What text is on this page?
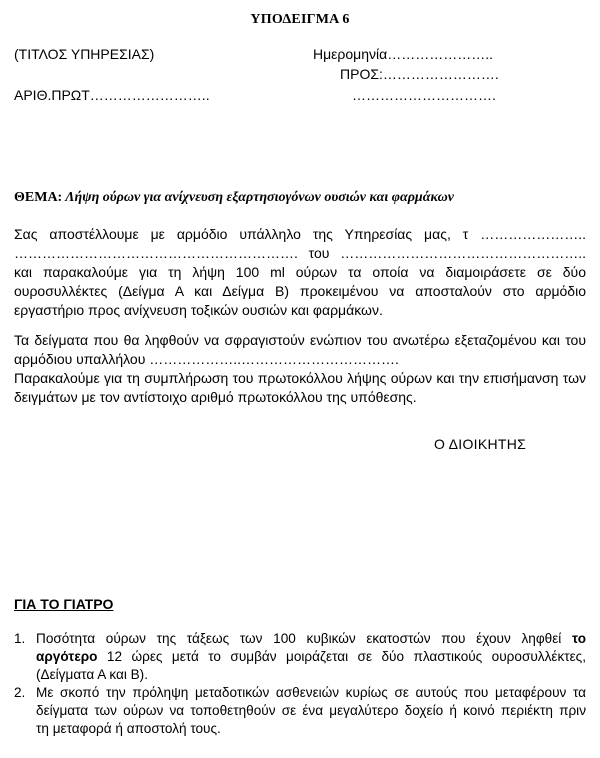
ΥΠΟΔΕΙΓΜΑ 6
(ΤΙΤΛΟΣ ΥΠΗΡΕΣΙΑΣ)	Ημερομηνία…………………..
ΠΡΟΣ:…………………….
ΑΡΙΘ.ΠΡΩΤ……………………..	………………………….
ΘΕΜΑ: Λήψη ούρων για ανίχνευση εξαρτησιογόνων ουσιών και φαρμάκων
Σας αποστέλλουμε με αρμόδιο υπάλληλο της Υπηρεσίας μας, τ …………………..
……………………………………………………. του ……………………………………………..
και παρακαλούμε για τη λήψη 100 ml ούρων τα οποία να διαμοιράσετε σε δύο
ουροσυλλέκτες (Δείγμα Α και Δείγμα Β) προκειμένου να αποσταλούν στο αρμόδιο
εργαστήριο προς ανίχνευση τοξικών ουσιών και φαρμάκων.
Τα δείγματα που θα ληφθούν να σφραγιστούν ενώπιον του ανωτέρω εξεταζομένου και του
αρμόδιου υπαλλήλου ………………..…………………………….
Παρακαλούμε για τη συμπλήρωση του πρωτοκόλλου λήψης ούρων και την επισήμανση των
δειγμάτων με τον αντίστοιχο αριθμό πρωτοκόλλου της υπόθεσης.
Ο ΔΙΟΙΚΗΤΗΣ
ΓΙΑ ΤΟ ΓΙΑΤΡΟ
1. Ποσότητα ούρων της τάξεως των 100 κυβικών εκατοστών που έχουν ληφθεί το
αργότερο 12 ώρες μετά το συμβάν μοιράζεται σε δύο πλαστικούς ουροσυλλέκτες,
(Δείγματα Α και Β).
2. Με σκοπό την πρόληψη μεταδοτικών ασθενειών κυρίως σε αυτούς που μεταφέρουν τα
δείγματα των ούρων να τοποθετηθούν σε ένα μεγαλύτερο δοχείο ή κοινό περιέκτη πριν
τη μεταφορά ή αποστολή τους.
